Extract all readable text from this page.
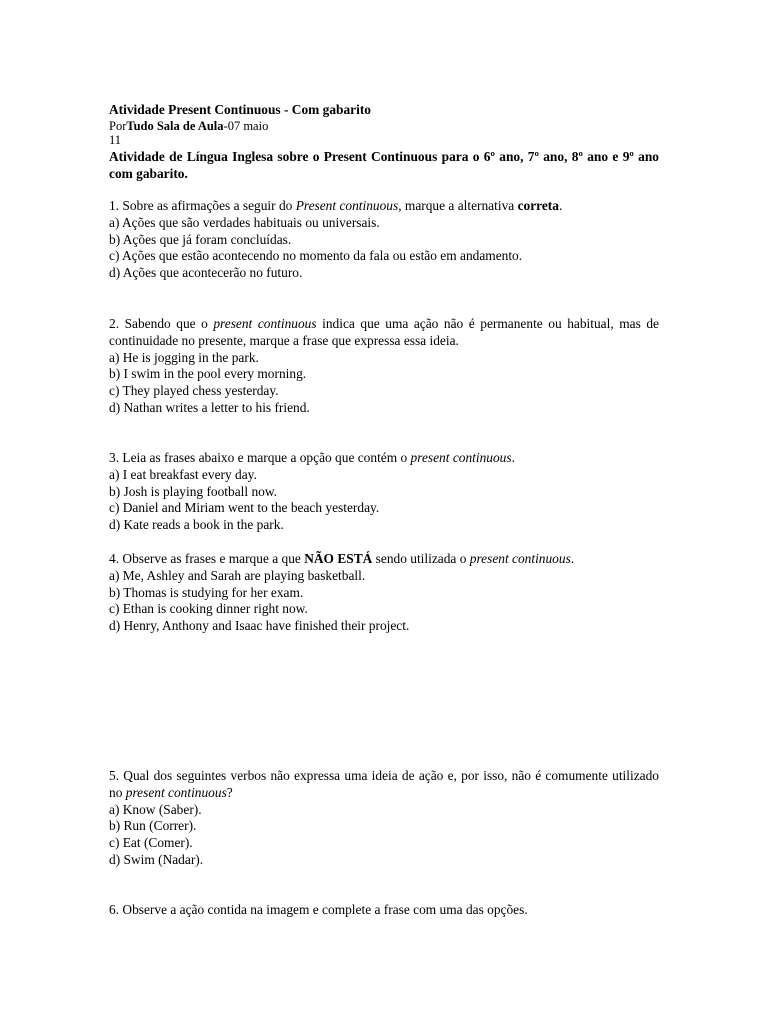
Atividade Present Continuous - Com gabarito
PorTudo Sala de Aula-07 maio
11
Atividade de Língua Inglesa sobre o Present Continuous para o 6º ano, 7º ano, 8º ano e 9º ano com gabarito.
1. Sobre as afirmações a seguir do Present continuous, marque a alternativa correta.
a) Ações que são verdades habituais ou universais.
b) Ações que já foram concluídas.
c) Ações que estão acontecendo no momento da fala ou estão em andamento.
d) Ações que acontecerão no futuro.
2. Sabendo que o present continuous indica que uma ação não é permanente ou habitual, mas de continuidade no presente, marque a frase que expressa essa ideia.
a) He is jogging in the park.
b) I swim in the pool every morning.
c) They played chess yesterday.
d) Nathan writes a letter to his friend.
3. Leia as frases abaixo e marque a opção que contém o present continuous.
a) I eat breakfast every day.
b) Josh is playing football now.
c) Daniel and Miriam went to the beach yesterday.
d) Kate reads a book in the park.
4. Observe as frases e marque a que NÃO ESTÁ sendo utilizada o present continuous.
a) Me, Ashley and Sarah are playing basketball.
b) Thomas is studying for her exam.
c) Ethan is cooking dinner right now.
d) Henry, Anthony and Isaac have finished their project.
5. Qual dos seguintes verbos não expressa uma ideia de ação e, por isso, não é comumente utilizado no present continuous?
a) Know (Saber).
b) Run (Correr).
c) Eat (Comer).
d) Swim (Nadar).
6. Observe a ação contida na imagem e complete a frase com uma das opções.
